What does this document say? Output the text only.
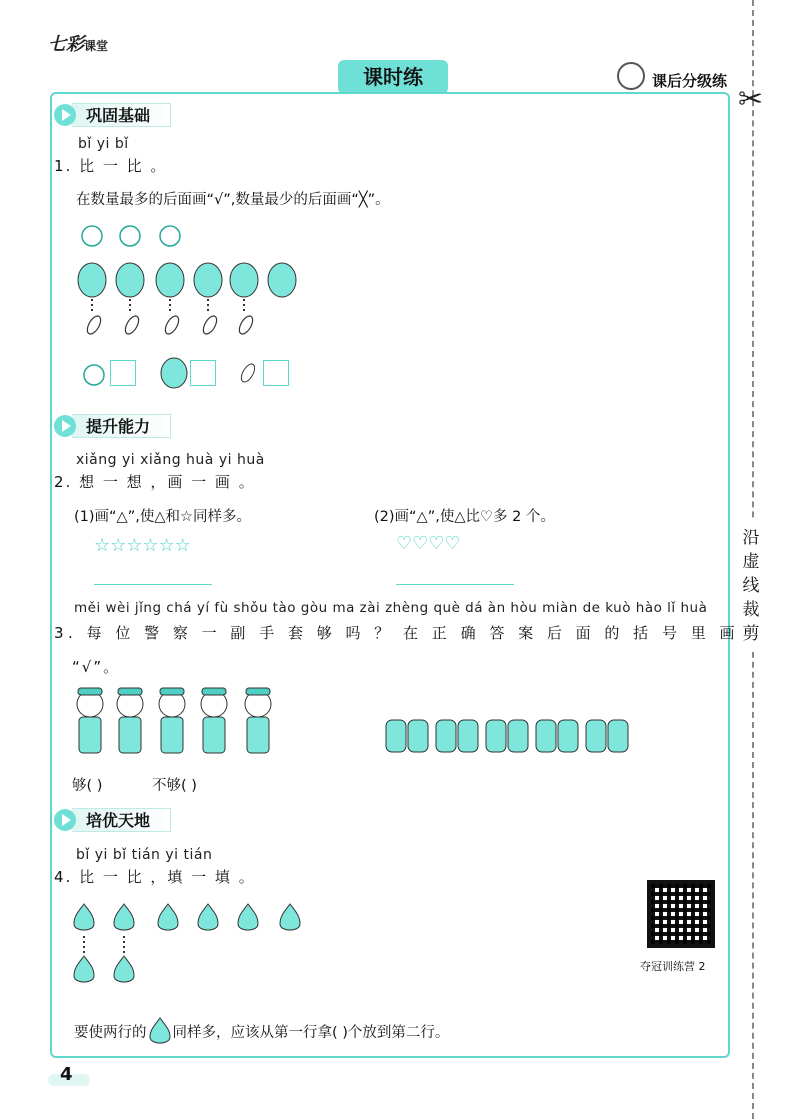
七彩课堂
课时练	课后分级练
✂
沿虚线裁剪
巩固基础
bǐ yi bǐ
1. 比 一 比 。
在数量最多的后面画“√”,数量最少的后面画“╳”。
提升能力
xiǎng yi xiǎng huà yi huà
2. 想 一 想 ，画 一 画 。
(1)画“△”,使△和☆同样多。
☆☆☆☆☆☆
(2)画“△”,使△比♡多 2 个。
♡♡♡♡
měi wèi jǐng chá yí fù shǒu tào gòu ma zài zhèng què dá àn hòu miàn de kuò hào lǐ huà
3. 每 位 警 察 一 副 手 套 够 吗 ？ 在 正 确 答 案 后 面 的 括 号 里 画
“√”。
够( )	不够( )
培优天地
bǐ yi bǐ tián yi tián
4. 比 一 比 ，填 一 填 。
夺冠训练营 2
要使两行的 同样多，应该从第一行拿( )个放到第二行。
4
